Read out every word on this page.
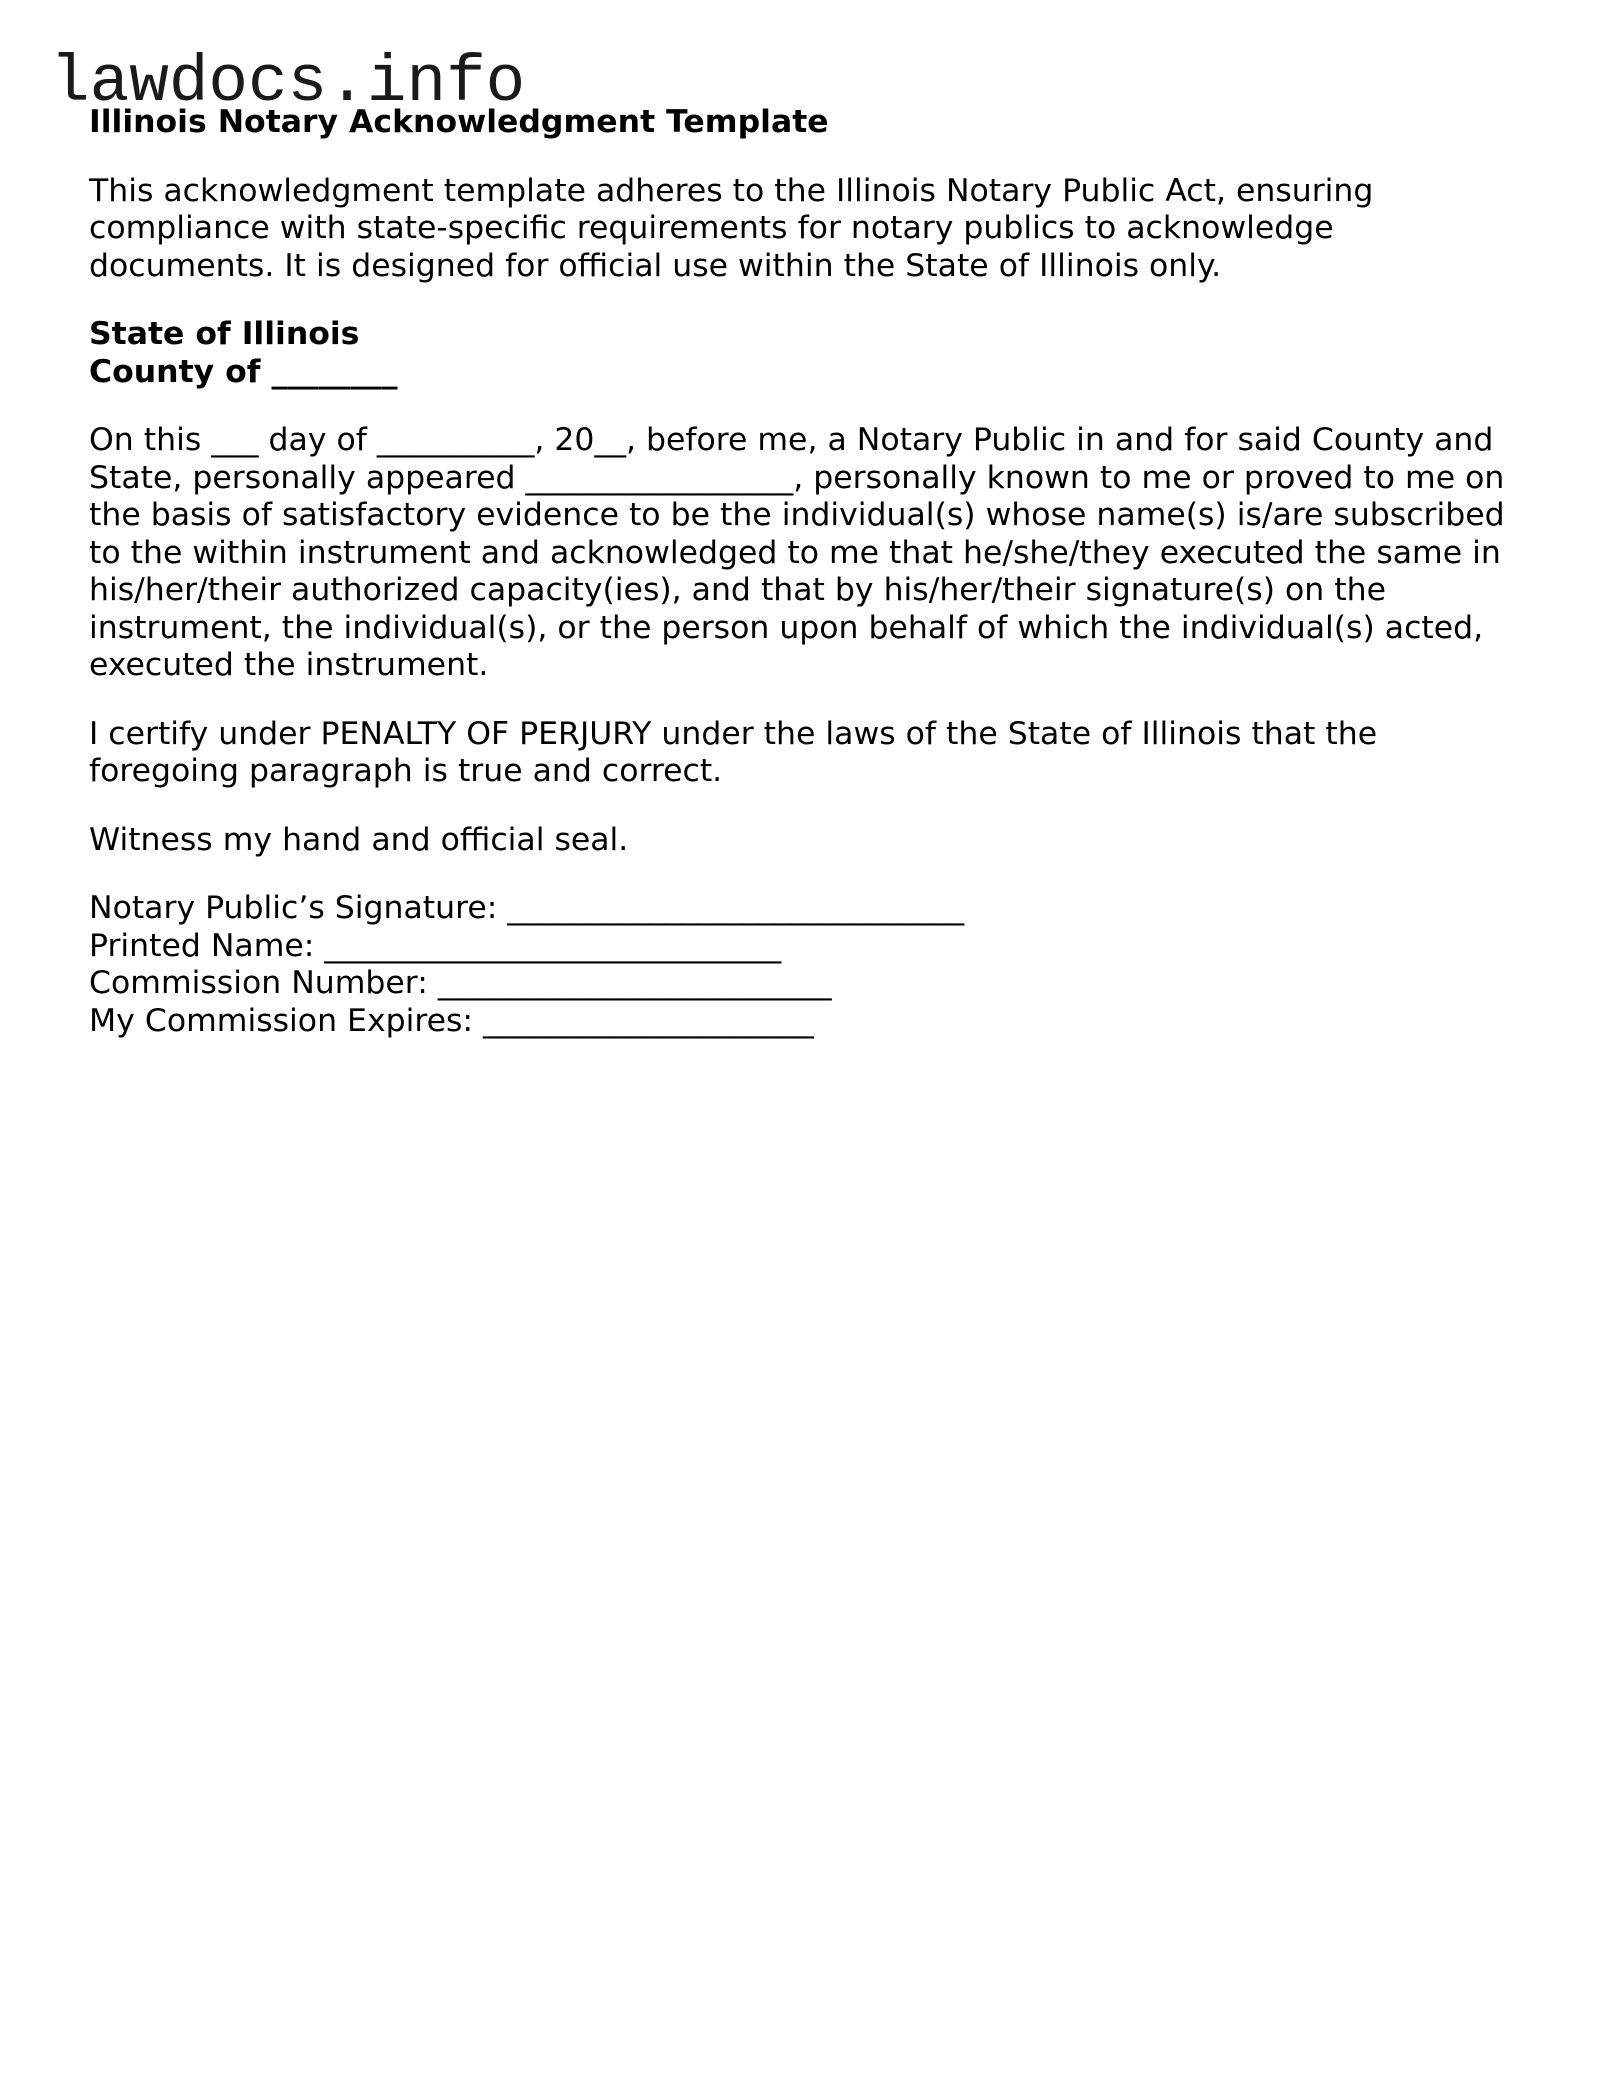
lawdocs.info

Illinois Notary Acknowledgment Template

This acknowledgment template adheres to the Illinois Notary Public Act, ensuring
compliance with state-specific requirements for notary publics to acknowledge
documents. It is designed for official use within the State of Illinois only.

State of Illinois
County of ________

On this ___ day of __________, 20__, before me, a Notary Public in and for said County and
State, personally appeared _________________, personally known to me or proved to me on
the basis of satisfactory evidence to be the individual(s) whose name(s) is/are subscribed
to the within instrument and acknowledged to me that he/she/they executed the same in
his/her/their authorized capacity(ies), and that by his/her/their signature(s) on the
instrument, the individual(s), or the person upon behalf of which the individual(s) acted,
executed the instrument.

I certify under PENALTY OF PERJURY under the laws of the State of Illinois that the
foregoing paragraph is true and correct.

Witness my hand and official seal.

Notary Public’s Signature: _____________________________
Printed Name: _____________________________
Commission Number: _________________________
My Commission Expires: _____________________
